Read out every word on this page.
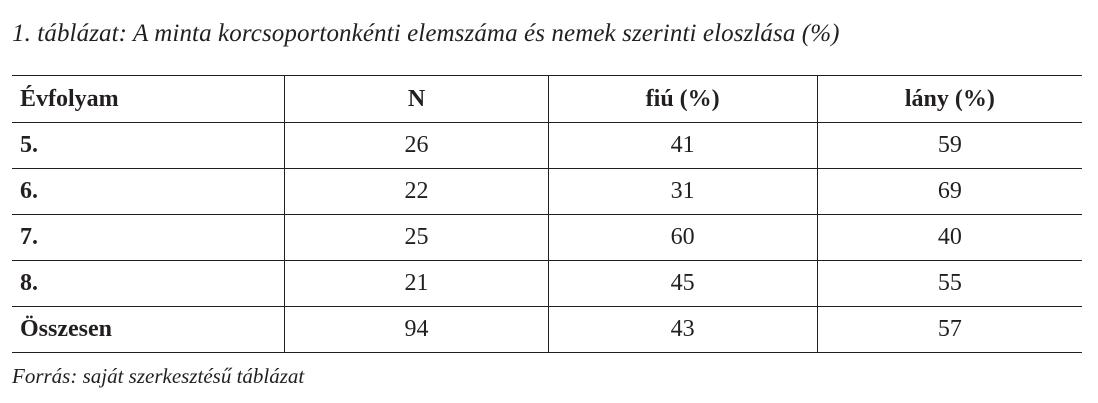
1. táblázat: A minta korcsoportonkénti elemszáma és nemek szerinti eloszlása (%)
Évfolyam	N	fiú (%)	lány (%)
5.	26	41	59
6.	22	31	69
7.	25	60	40
8.	21	45	55
Összesen	94	43	57
Forrás: saját szerkesztésű táblázat
